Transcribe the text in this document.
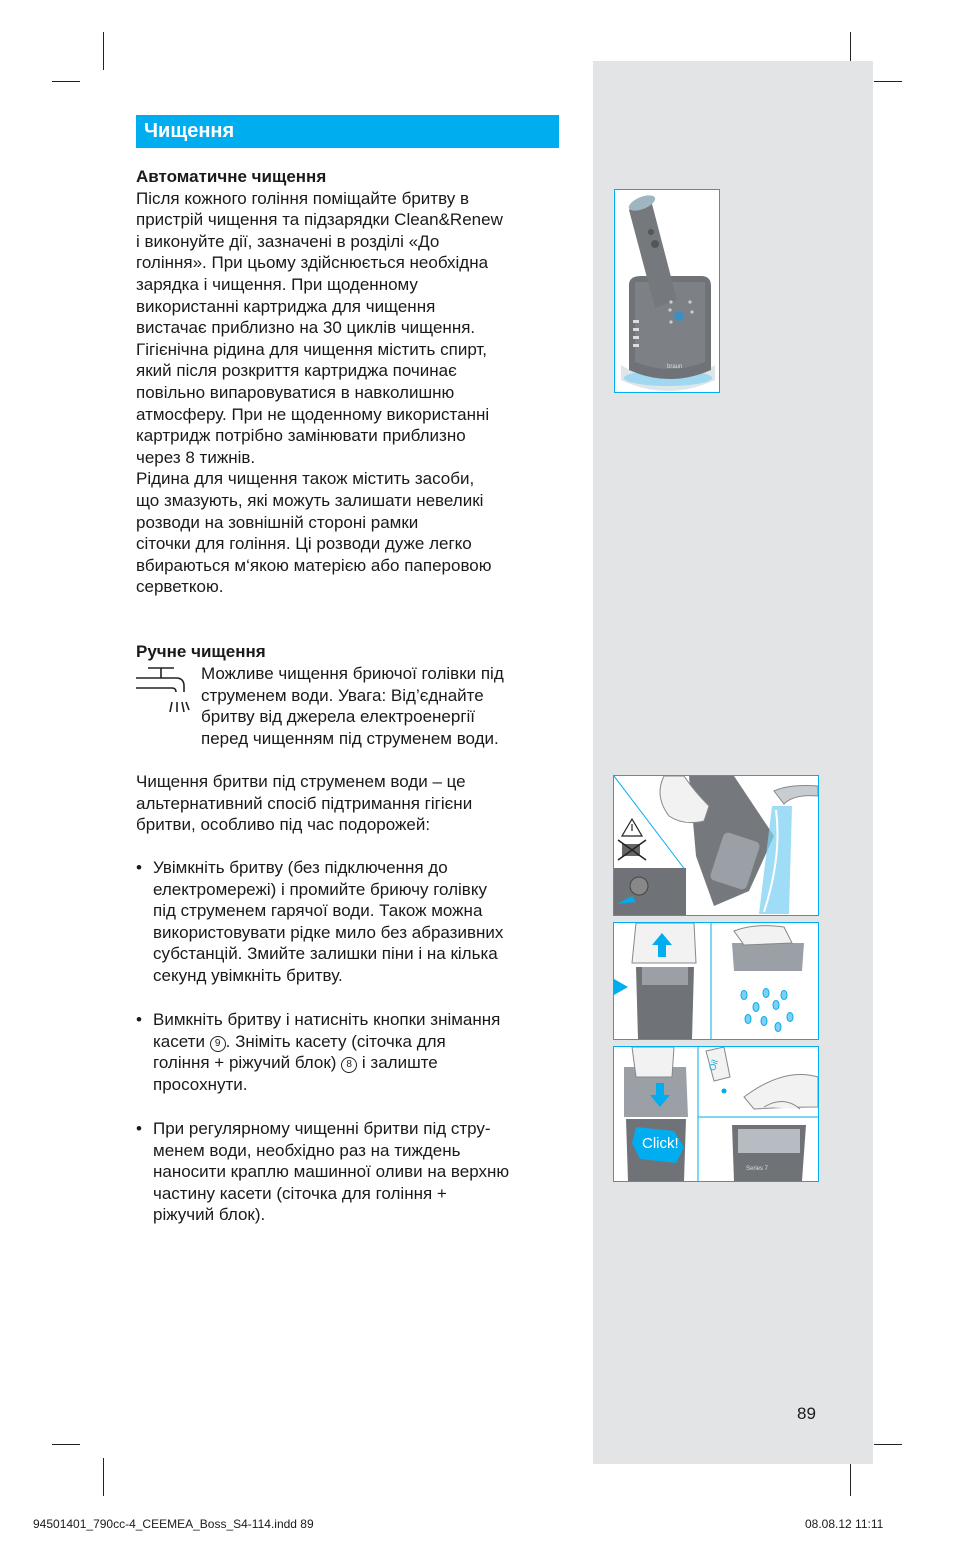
Чищення

Автоматичне чищення

Після кожного гоління поміщайте бритву в

пристрій чищення та підзарядки Clean&Renew

і виконуйте дії, зазначені в розділі «До

гоління». При цьому здійснюється необхідна

зарядка і чищення. При щоденному

використанні картриджа для чищення

вистачає приблизно на 30 циклів чищення.

Гігієнічна рідина для чищення містить спирт,

який після розкриття картриджа починає

повільно випаровуватися в навколишню

атмосферу. При не щоденному використанні

картридж потрібно замінювати приблизно

через 8 тижнів.

Рідина для чищення також містить засоби,

що змазують, які можуть залишати невеликі

розводи на зовнішній стороні рамки

сіточки для гоління. Ці розводи дуже легко

вбираються м‘якою матерією або паперовою

серветкою.

Ручне чищення

Можливе чищення бриючої голівки під

струменем води. Увага: Від’єднайте

бритву від джерела електроенергії

перед чищенням під струменем води.

Чищення бритви під струменем води – це

альтернативний спосіб підтримання гігієни

бритви, особливо під час подорожей:

• Увімкніть бритву (без підключення до

електромережі) і промийте бриючу голівку

під струменем гарячої води. Також можна

використовувати рідке мило без абразивних

субстанцій. Змийте залишки піни і на кілька

секунд увімкніть бритву.

• Вимкніть бритву і натисніть кнопки знімання

касети 9 . Зніміть касету (сіточка для

гоління + ріжучий блок) 8 і залиште

просохнути.

• При регулярному чищенні бритви під стру-

менем води, необхідно раз на тиждень

наносити краплю машинної оливи на верхню

частину касети (сіточка для гоління +

ріжучий блок).

braun
Click!
Oil
Series 7
89
94501401_790cc-4_CEEMEA_Boss_S4-114.indd 89	08.08.12 11:11
